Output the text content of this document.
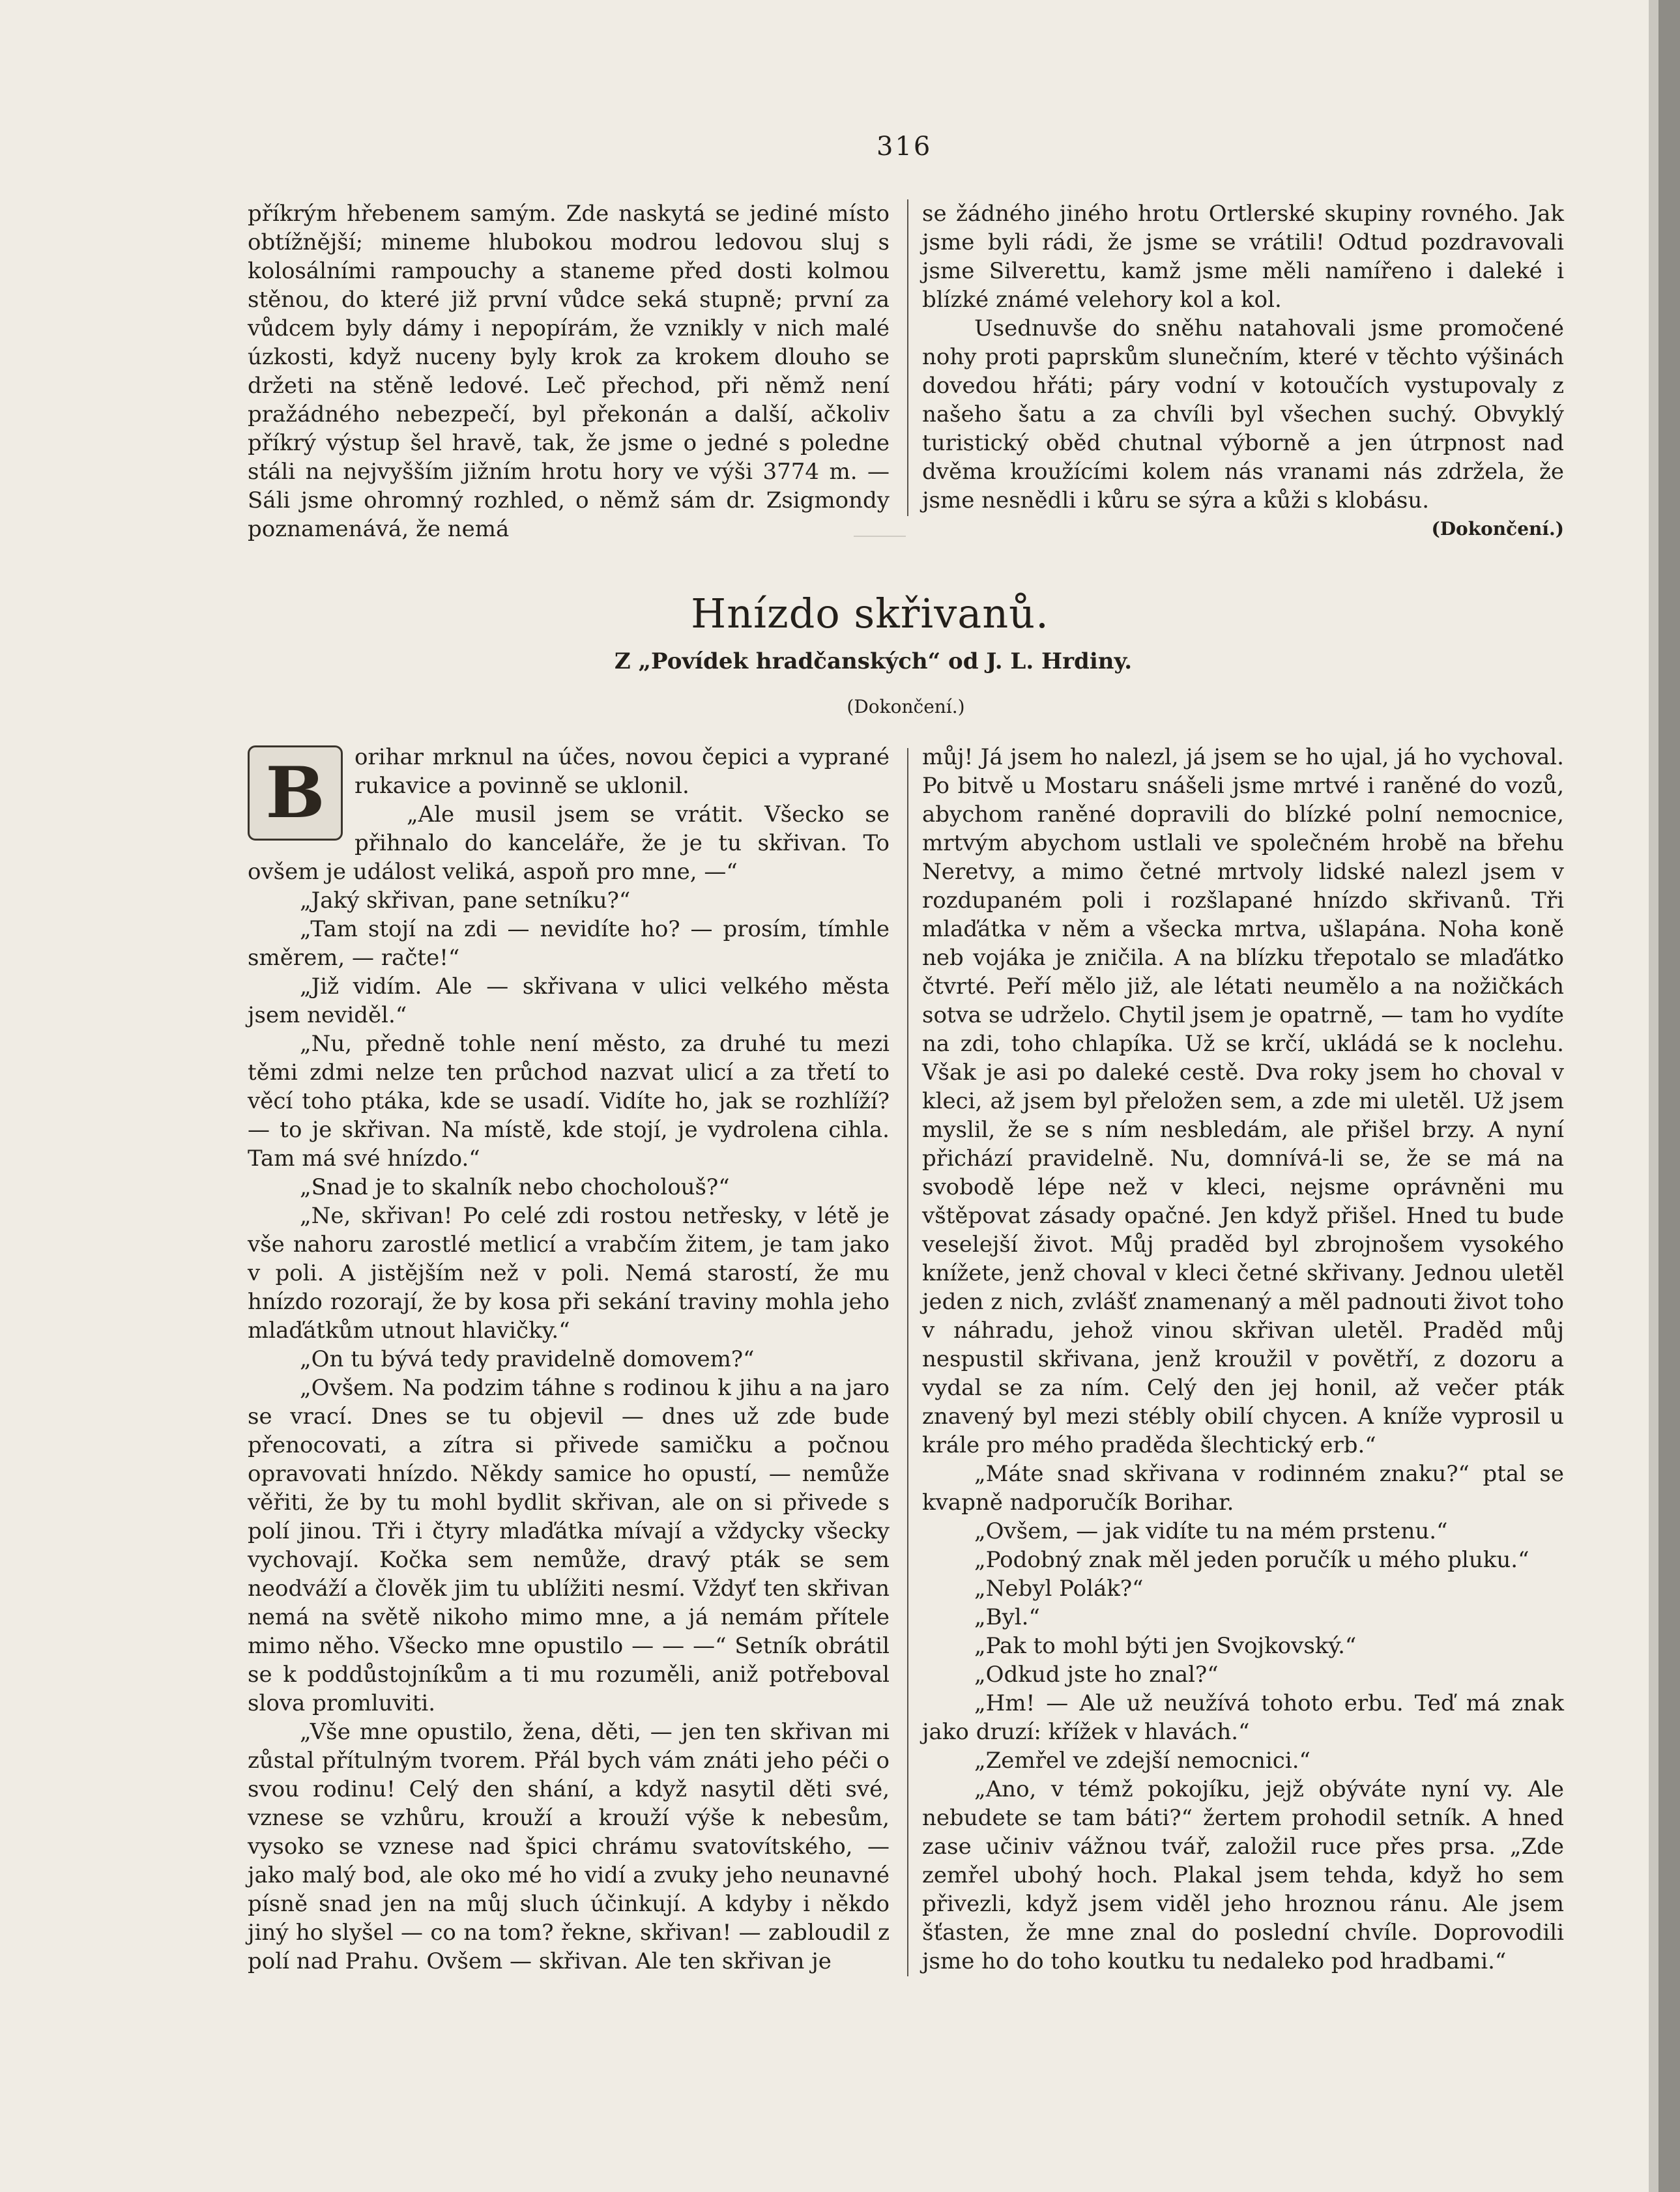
316

příkrým hřebenem samým. Zde naskytá se jediné místo obtížnější; mineme hlubokou modrou ledovou sluj s kolosálními rampouchy a staneme před dosti kolmou stěnou, do které již první vůdce seká stupně; první za vůdcem byly dámy i nepopírám, že vznikly v nich malé úzkosti, když nuceny byly krok za krokem dlouho se držeti na stěně ledové. Leč přechod, při němž není pražádného nebezpečí, byl překonán a další, ačkoliv příkrý výstup šel hravě, tak, že jsme o jedné s poledne stáli na nejvyšším jižním hrotu hory ve výši 3774 m. — Sáli jsme ohromný rozhled, o němž sám dr. Zsigmondy poznamenává, že nemá

se žádného jiného hrotu Ortlerské skupiny rovného. Jak jsme byli rádi, že jsme se vrátili! Odtud pozdravovali jsme Silverettu, kamž jsme měli namířeno i daleké i blízké známé velehory kol a kol.

Usednuvše do sněhu natahovali jsme promočené nohy proti paprskům slunečním, které v těchto výšinách dovedou hřáti; páry vodní v kotoučích vystupovaly z našeho šatu a za chvíli byl všechen suchý. Obvyklý turistický oběd chutnal výborně a jen útrpnost nad dvěma kroužícími kolem nás vranami nás zdržela, že jsme nesnědli i kůru se sýra a kůži s klobásu.
(Dokončení.)

Hnízdo skřivanů.
Z „Povídek hradčanských“ od J. L. Hrdiny.
(Dokončení.)
B	orihar mrknul na účes, novou čepici a vyprané rukavice a povinně se uklonil.

„Ale musil jsem se vrátit. Všecko se přihnalo do kanceláře, že je tu skřivan. To ovšem je událost veliká, aspoň pro mne, —“

„Jaký skřivan, pane setníku?“

„Tam stojí na zdi — nevidíte ho? — prosím, tímhle směrem, — račte!“

„Již vidím. Ale — skřivana v ulici velkého města jsem neviděl.“

„Nu, předně tohle není město, za druhé tu mezi těmi zdmi nelze ten průchod nazvat ulicí a za třetí to věcí toho ptáka, kde se usadí. Vidíte ho, jak se rozhlíží? — to je skřivan. Na místě, kde stojí, je vydrolena cihla. Tam má své hnízdo.“

„Snad je to skalník nebo chocholouš?“

„Ne, skřivan! Po celé zdi rostou netřesky, v létě je vše nahoru zarostlé metlicí a vrabčím žitem, je tam jako v poli. A jistějším než v poli. Nemá starostí, že mu hnízdo rozorají, že by kosa při sekání traviny mohla jeho mlaďátkům utnout hlavičky.“

„On tu bývá tedy pravidelně domovem?“

„Ovšem. Na podzim táhne s rodinou k jihu a na jaro se vrací. Dnes se tu objevil — dnes už zde bude přenocovati, a zítra si přivede samičku a počnou opravovati hnízdo. Někdy samice ho opustí, — nemůže věřiti, že by tu mohl bydlit skřivan, ale on si přivede s polí jinou. Tři i čtyry mlaďátka mívají a vždycky všecky vychovají. Kočka sem nemůže, dravý pták se sem neodváží a člověk jim tu ublížiti nesmí. Vždyť ten skřivan nemá na světě nikoho mimo mne, a já nemám přítele mimo něho. Všecko mne opustilo — — —“ Setník obrátil se k poddůstojníkům a ti mu rozuměli, aniž potřeboval slova promluviti.

„Vše mne opustilo, žena, děti, — jen ten skřivan mi zůstal přítulným tvorem. Přál bych vám znáti jeho péči o svou rodinu! Celý den shání, a když nasytil děti své, vznese se vzhůru, krouží a krouží výše k nebesům, vysoko se vznese nad špici chrámu svatovítského, — jako malý bod, ale oko mé ho vidí a zvuky jeho neunavné písně snad jen na můj sluch účinkují. A kdyby i někdo jiný ho slyšel — co na tom? řekne, skřivan! — zabloudil z polí nad Prahu. Ovšem — skřivan. Ale ten skřivan je

můj! Já jsem ho nalezl, já jsem se ho ujal, já ho vychoval. Po bitvě u Mostaru snášeli jsme mrtvé i raněné do vozů, abychom raněné dopravili do blízké polní nemocnice, mrtvým abychom ustlali ve společném hrobě na břehu Neretvy, a mimo četné mrtvoly lidské nalezl jsem v rozdupaném poli i rozšlapané hnízdo skřivanů. Tři mlaďátka v něm a všecka mrtva, ušlapána. Noha koně neb vojáka je zničila. A na blízku třepotalo se mlaďátko čtvrté. Peří mělo již, ale létati neumělo a na nožičkách sotva se udrželo. Chytil jsem je opatrně, — tam ho vydíte na zdi, toho chlapíka. Už se krčí, ukládá se k noclehu. Však je asi po daleké cestě. Dva roky jsem ho choval v kleci, až jsem byl přeložen sem, a zde mi uletěl. Už jsem myslil, že se s ním nesbledám, ale přišel brzy. A nyní přichází pravidelně. Nu, domnívá-li se, že se má na svobodě lépe než v kleci, nejsme oprávněni mu vštěpovat zásady opačné. Jen když přišel. Hned tu bude veselejší život. Můj praděd byl zbrojnošem vysokého knížete, jenž choval v kleci četné skřivany. Jednou uletěl jeden z nich, zvlášť znamenaný a měl padnouti život toho v náhradu, jehož vinou skřivan uletěl. Praděd můj nespustil skřivana, jenž kroužil v povětří, z dozoru a vydal se za ním. Celý den jej honil, až večer pták znavený byl mezi stébly obilí chycen. A kníže vyprosil u krále pro mého praděda šlechtický erb.“

„Máte snad skřivana v rodinném znaku?“ ptal se kvapně nadporučík Borihar.

„Ovšem, — jak vidíte tu na mém prstenu.“

„Podobný znak měl jeden poručík u mého pluku.“

„Nebyl Polák?“

„Byl.“

„Pak to mohl býti jen Svojkovský.“

„Odkud jste ho znal?“

„Hm! — Ale už neužívá tohoto erbu. Teď má znak jako druzí: křížek v hlavách.“

„Zemřel ve zdejší nemocnici.“

„Ano, v témž pokojíku, jejž obýváte nyní vy. Ale nebudete se tam báti?“ žertem prohodil setník. A hned zase učiniv vážnou tvář, založil ruce přes prsa. „Zde zemřel ubohý hoch. Plakal jsem tehda, když ho sem přivezli, když jsem viděl jeho hroznou ránu. Ale jsem šťasten, že mne znal do poslední chvíle. Doprovodili jsme ho do toho koutku tu nedaleko pod hradbami.“
